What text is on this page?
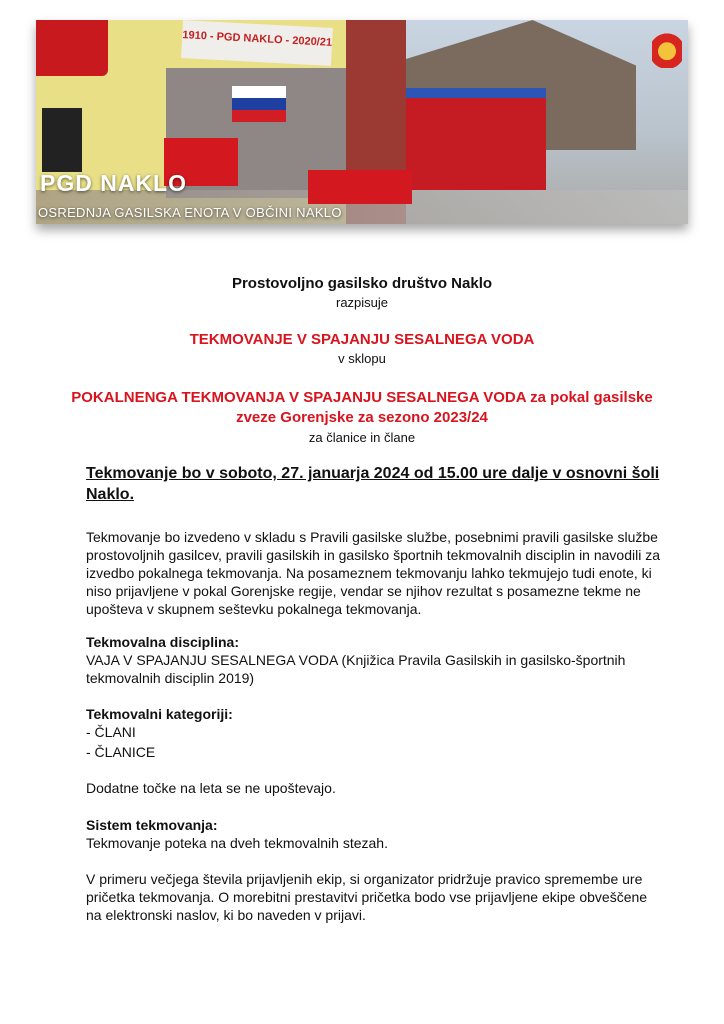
1910 - PGD NAKLO - 2020/21
PGD NAKLO
OSREDNJA GASILSKA ENOTA V OBČINI NAKLO
Prostovoljno gasilsko društvo Naklo
razpisuje
TEKMOVANJE V SPAJANJU SESALNEGA VODA
v sklopu
POKALNENGA TEKMOVANJA V SPAJANJU SESALNEGA VODA za pokal gasilske
zveze Gorenjske za sezono 2023/24
za članice in člane
Tekmovanje bo v soboto, 27. januarja 2024 od 15.00 ure dalje v osnovni šoli
Naklo.
Tekmovanje bo izvedeno v skladu s Pravili gasilske službe, posebnimi pravili gasilske službe
prostovoljnih gasilcev, pravili gasilskih in gasilsko športnih tekmovalnih disciplin in navodili za
izvedbo pokalnega tekmovanja. Na posameznem tekmovanju lahko tekmujejo tudi enote, ki
niso prijavljene v pokal Gorenjske regije, vendar se njihov rezultat s posamezne tekme ne
upošteva v skupnem seštevku pokalnega tekmovanja.
Tekmovalna disciplina:
VAJA V SPAJANJU SESALNEGA VODA (Knjižica Pravila Gasilskih in gasilsko-športnih
tekmovalnih disciplin 2019)
Tekmovalni kategoriji:
- ČLANI
- ČLANICE
Dodatne točke na leta se ne upoštevajo.
Sistem tekmovanja:
Tekmovanje poteka na dveh tekmovalnih stezah.
V primeru večjega števila prijavljenih ekip, si organizator pridržuje pravico spremembe ure
pričetka tekmovanja. O morebitni prestavitvi pričetka bodo vse prijavljene ekipe obveščene
na elektronski naslov, ki bo naveden v prijavi.
